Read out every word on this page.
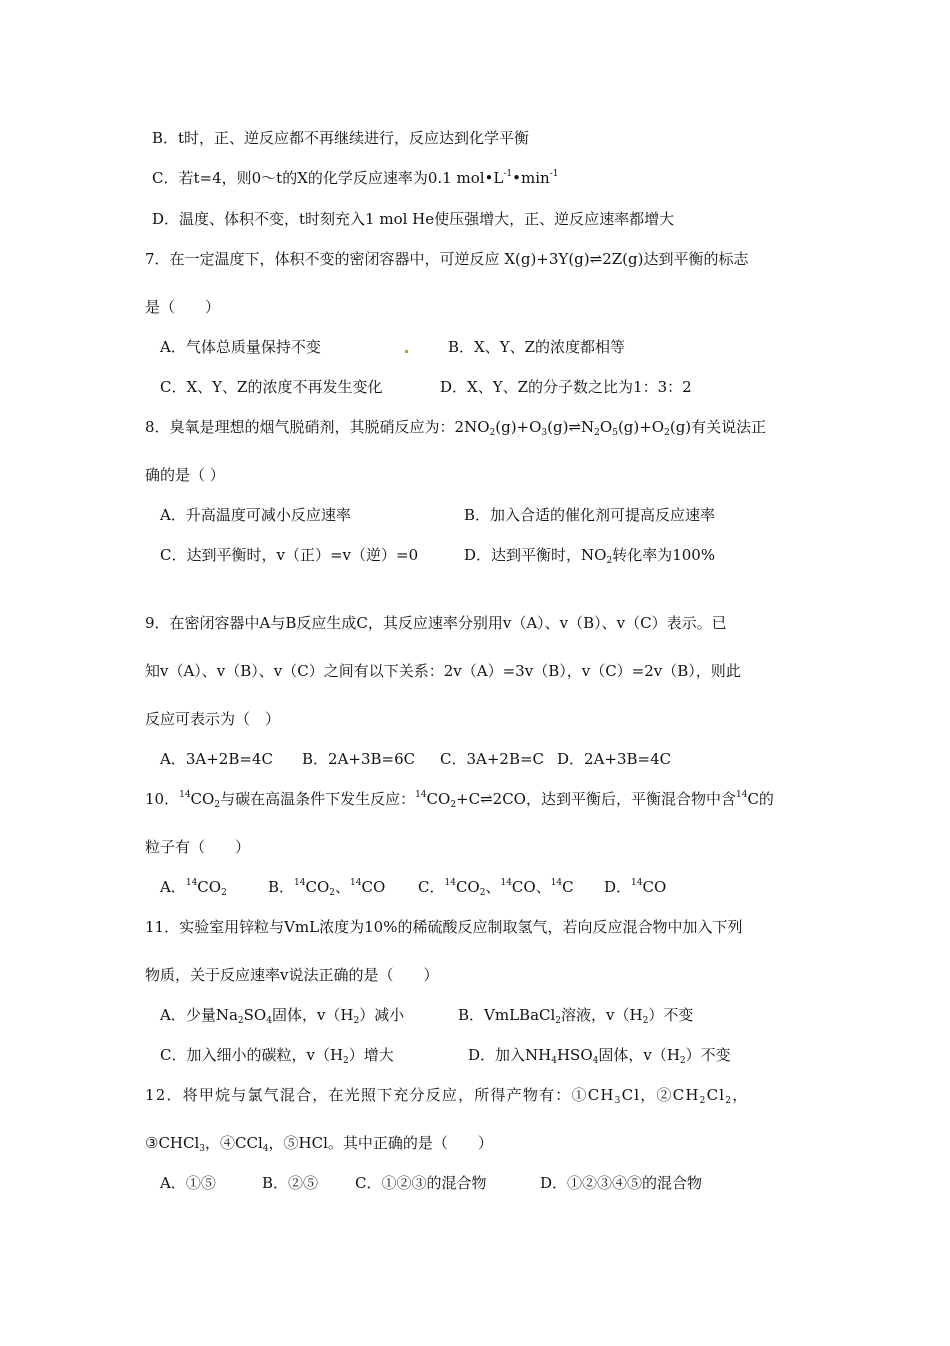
B．t时，正、逆反应都不再继续进行，反应达到化学平衡
C．若t=4，则0～t的X的化学反应速率为0.1 $mol•L^{-1}•\min^{-1}$
D．温度、体积不变，t时刻充入1 mol He使压强增大，正、逆反应速率都增大
7．在一定温度下，体积不变的密闭容器中，可逆反应 X(g)+3Y(g)⇌2Z(g)达到平衡的标志
是（　　）
A．气体总质量保持不变	B．X、Y、Z的浓度都相等
C．X、Y、Z的浓度不再发生变化	D．X、Y、Z的分子数之比为1：3：2
8．臭氧是理想的烟气脱硝剂，其脱硝反应为：$2NO_2(g)+O_3(g)\rightleftharpoons N_2O_5(g)+O_2(g)$有关说法正
确的是（ ）
A．升高温度可减小反应速率	B．加入合适的催化剂可提高反应速率
C．达到平衡时，v（正）=v（逆）=0	D．达到平衡时，$NO_2$转化率为100%
9．在密闭容器中A与B反应生成C，其反应速率分别用v（A）、v（B）、v（C）表示。已
知v（A）、v（B）、v（C）之间有以下关系：2v（A）=3v（B），v（C）=2v（B），则此
反应可表示为（　）
A．3A+2B=4C B．2A+3B=6C C．3A+2B=C D．2A+3B=4C
10．$^{14}CO_2$与碳在高温条件下发生反应：$^{14}CO_2+C\rightleftharpoons 2CO$，达到平衡后，平衡混合物中含$^{14}$C的
粒子有（　　）
A．$^{14}CO_2$	B．$^{14}CO_2$、$^{14}$CO C．$^{14}CO_2$、$^{14}$CO、$^{14}$C D．$^{14}$CO
11．实验室用锌粒与VmL浓度为10%的稀硫酸反应制取氢气，若向反应混合物中加入下列
物质，关于反应速率v说法正确的是（　　）
A．少量$Na_2SO_4$固体，$v(H_2)$减小	B．VmLBaCl$_2$溶液，$v(H_2)$不变
C．加入细小的碳粒，$v(H_2)$增大	D．加入$NH_4HSO_4$固体，$v(H_2)$不变
12．将甲烷与氯气混合，在光照下充分反应，所得产物有：$①CH_3Cl$，$②CH_2Cl_2$，
③CHCl$_3$，④CCl$_4$，⑤HCl。其中正确的是（　　）
A．①⑤	B．②⑤ C．①②③的混合物	D．①②③④⑤的混合物
